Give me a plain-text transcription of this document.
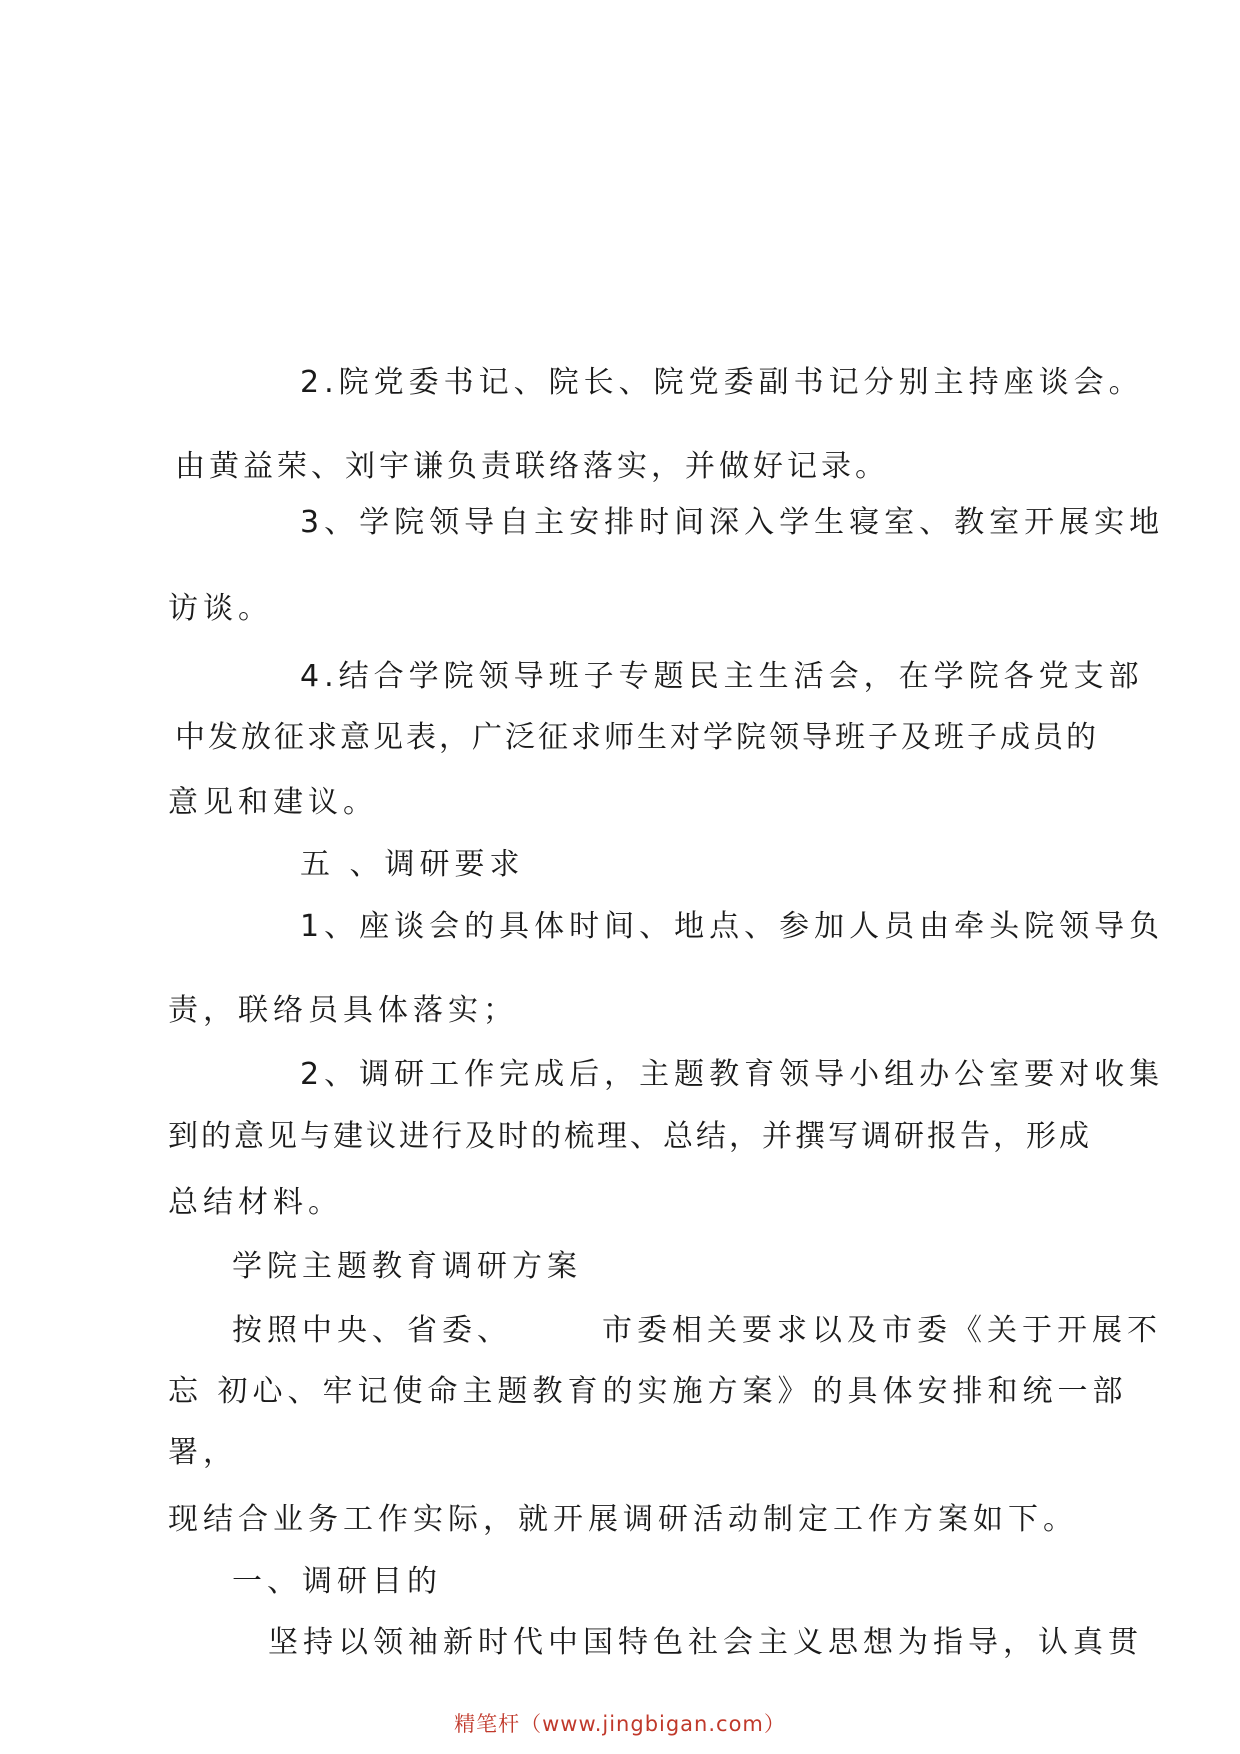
2.院党委书记、院长、院党委副书记分别主持座谈会。
由黄益荣、刘宇谦负责联络落实，并做好记录。
3、学院领导自主安排时间深入学生寝室、教室开展实地
访谈。
4.结合学院领导班子专题民主生活会，在学院各党支部
中发放征求意见表，广泛征求师生对学院领导班子及班子成员的
意见和建议。
五 、调研要求
1、座谈会的具体时间、地点、参加人员由牵头院领导负
责，联络员具体落实；
2、调研工作完成后，主题教育领导小组办公室要对收集
到的意见与建议进行及时的梳理、总结，并撰写调研报告，形成
总结材料。
学院主题教育调研方案
按照中央、省委、　　　市委相关要求以及市委《关于开展不
忘 初心、牢记使命主题教育的实施方案》的具体安排和统一部
署，
现结合业务工作实际，就开展调研活动制定工作方案如下。
一、调研目的
坚持以领袖新时代中国特色社会主义思想为指导，认真贯
精笔杆（www.jingbigan.com）
